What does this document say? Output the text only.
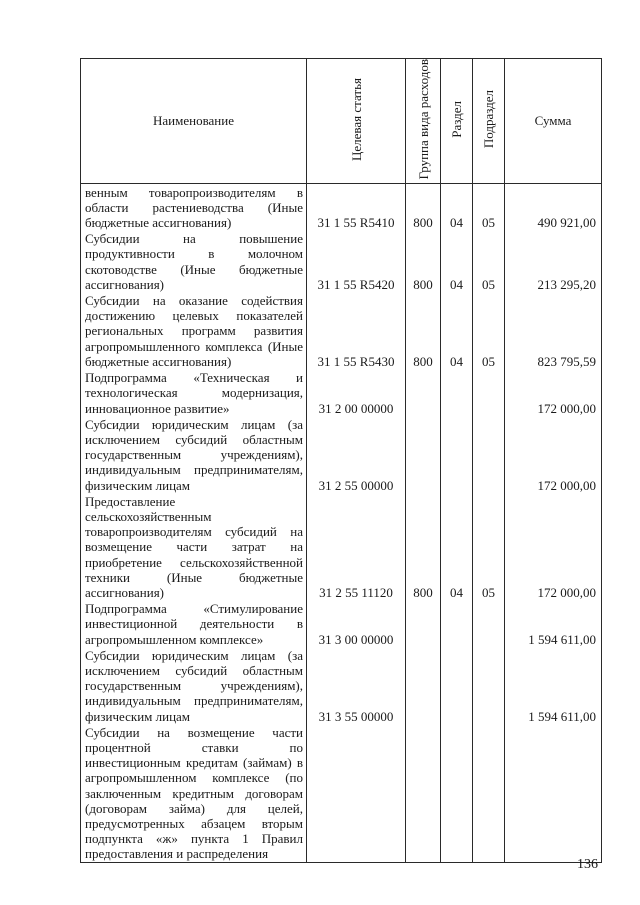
Наименование	Целевая статья	Группа вида расходов	Раздел	Подраздел	Сумма
венным товаропроизводителям в области растениеводства (Иные бюджетные ассигнования)	31 1 55 R5410	800	04	05	490 921,00
Субсидии на повышение продуктивности в молочном скотоводстве (Иные бюджетные ассигнования)	31 1 55 R5420	800	04	05	213 295,20
Субсидии на оказание содействия достижению целевых показателей региональных программ развития агропромышленного комплекса (Иные бюджетные ассигнования)	31 1 55 R5430	800	04	05	823 795,59
Подпрограмма «Техническая и технологическая модернизация, инновационное развитие»	31 2 00 00000				172 000,00
Субсидии юридическим лицам (за исключением субсидий областным государственным учреждениям), индивидуальным предпринимателям, физическим лицам	31 2 55 00000				172 000,00
Предоставление сельскохозяйственным товаропроизводителям субсидий на возмещение части затрат на приобретение сельскохозяйственной техники (Иные бюджетные ассигнования)	31 2 55 11120	800	04	05	172 000,00
Подпрограмма «Стимулирование инвестиционной деятельности в агропромышленном комплексе»	31 3 00 00000				1 594 611,00
Субсидии юридическим лицам (за исключением субсидий областным государственным учреждениям), индивидуальным предпринимателям, физическим лицам	31 3 55 00000				1 594 611,00
Субсидии на возмещение части процентной ставки по инвестиционным кредитам (займам) в агропромышленном комплексе (по заключенным кредитным договорам (договорам займа) для целей, предусмотренных абзацем вторым подпункта «ж» пункта 1 Правил предоставления и распределения					
136
